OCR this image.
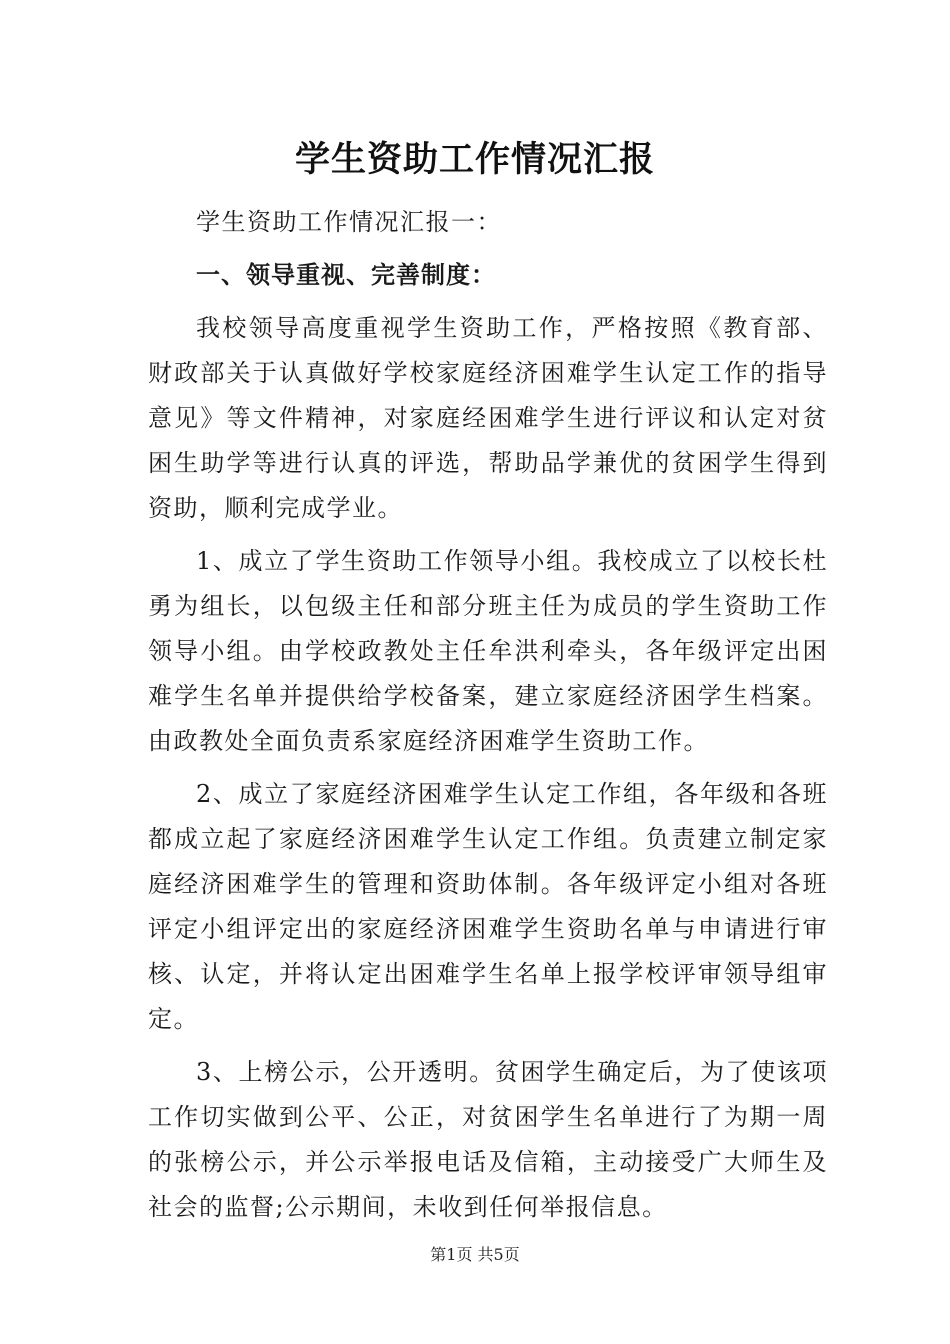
学生资助工作情况汇报

学生资助工作情况汇报一：

一、领导重视、完善制度：

我校领导高度重视学生资助工作，严格按照《教育部、财政部关于认真做好学校家庭经济困难学生认定工作的指导意见》等文件精神，对家庭经困难学生进行评议和认定对贫困生助学等进行认真的评选，帮助品学兼优的贫困学生得到资助，顺利完成学业。

1、成立了学生资助工作领导小组。我校成立了以校长杜勇为组长，以包级主任和部分班主任为成员的学生资助工作领导小组。由学校政教处主任牟洪利牵头，各年级评定出困难学生名单并提供给学校备案，建立家庭经济困学生档案。由政教处全面负责系家庭经济困难学生资助工作。

2、成立了家庭经济困难学生认定工作组，各年级和各班都成立起了家庭经济困难学生认定工作组。负责建立制定家庭经济困难学生的管理和资助体制。各年级评定小组对各班评定小组评定出的家庭经济困难学生资助名单与申请进行审核、认定，并将认定出困难学生名单上报学校评审领导组审定。

3、上榜公示，公开透明。贫困学生确定后，为了使该项工作切实做到公平、公正，对贫困学生名单进行了为期一周的张榜公示，并公示举报电话及信箱，主动接受广大师生及社会的监督;公示期间，未收到任何举报信息。

第1页 共5页
